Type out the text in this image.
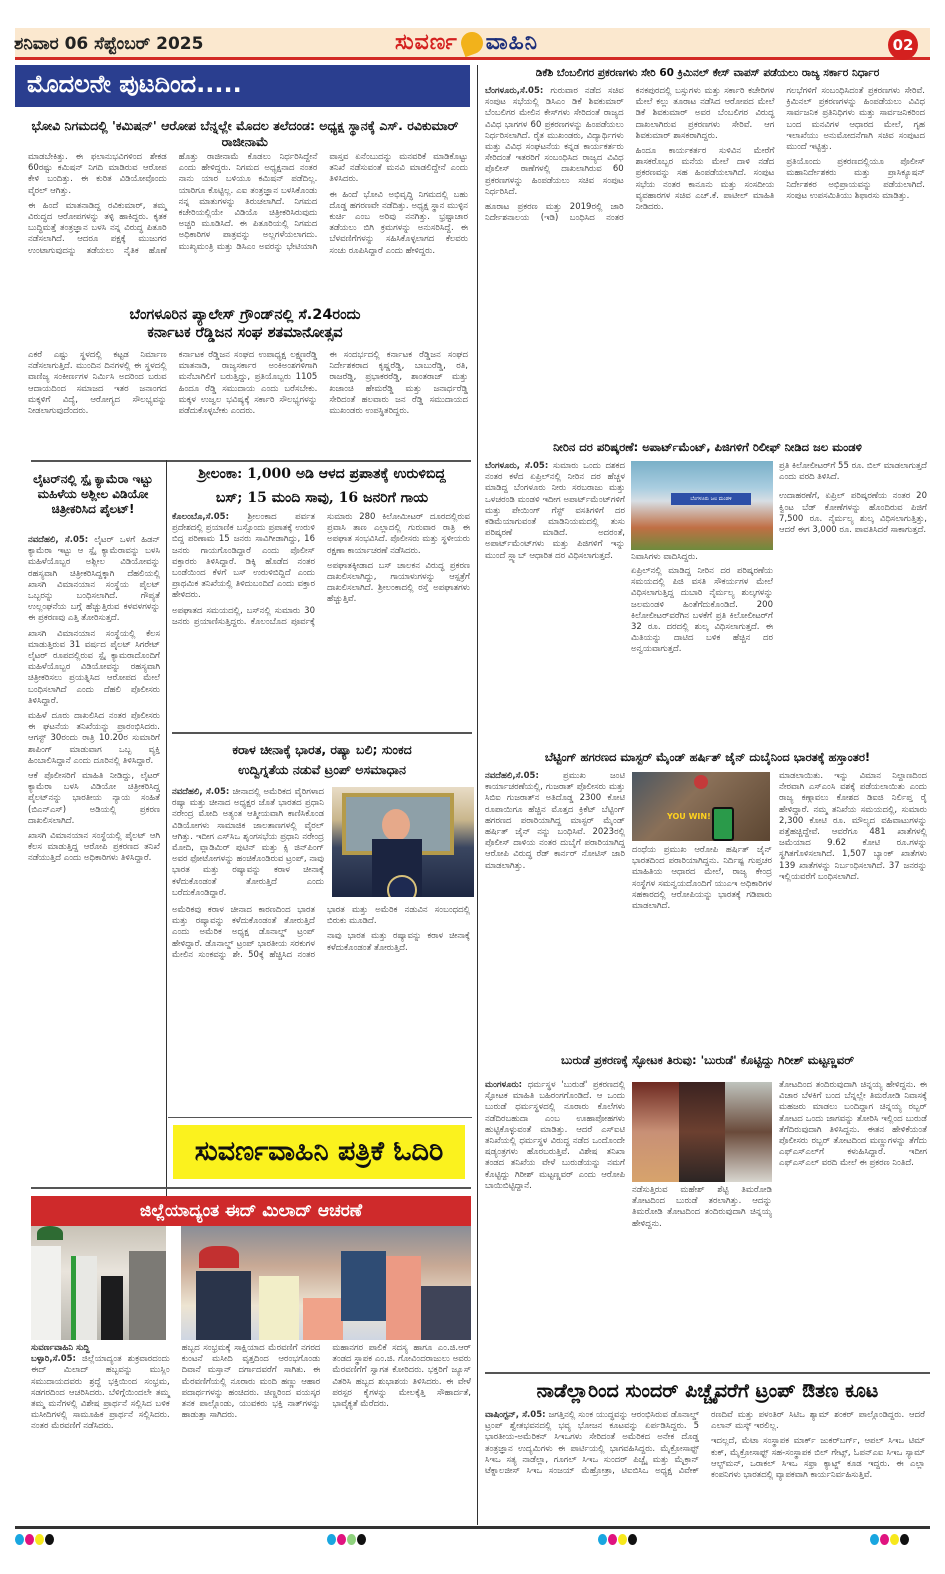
ಶನಿವಾರ 06 ಸೆಪ್ಟೆಂಬರ್ 2025	ಸುವರ್ಣ ವಾಹಿನಿ	02
ಮೊದಲನೇ ಪುಟದಿಂದ.....
ಭೋವಿ ನಿಗಮದಲ್ಲಿ 'ಕಮಿಷನ್' ಆರೋಪ ಬೆನ್ನಲ್ಲೇ ಮೊದಲ ತಲೆದಂಡ: ಅಧ್ಯಕ್ಷ ಸ್ಥಾನಕ್ಕೆ ಎಸ್. ರವಿಕುಮಾರ್ ರಾಜೀನಾಮೆ

ಮಾಡಬೇಕಿತ್ತು. ಈ ಫಲಾನುಭವಿಗಳಿಂದ ಶೇಕಡ 60ರಷ್ಟು ಕಮಿಷನ್ ನಿಗದಿ ಮಾಡಿರುವ ಆರೋಪ ಕೇಳಿ ಬಂದಿತ್ತು. ಈ ಕುರಿತ ವಿಡಿಯೋವೊಂದು ವೈರಲ್ ಆಗಿತ್ತು.

ಈ ಹಿಂದೆ ಮಾತನಾಡಿದ್ದ ರವಿಕುಮಾರ್, ತಮ್ಮ ವಿರುದ್ಧದ ಆರೋಪಗಳನ್ನು ತಳ್ಳಿ ಹಾಕಿದ್ದರು. ಕೃತಕ ಬುದ್ಧಿಮತ್ತೆ ತಂತ್ರಜ್ಞಾನ ಬಳಸಿ ನನ್ನ ವಿರುದ್ಧ ಪಿತೂರಿ ನಡೆಸಲಾಗಿದೆ. ಆದರೂ ಪಕ್ಷಕ್ಕೆ ಮುಜುಗರ ಉಂಟಾಗುವುದನ್ನು ತಡೆಯಲು ನೈತಿಕ ಹೊಣೆ ಹೊತ್ತು ರಾಜೀನಾಮೆ ಕೊಡಲು ನಿರ್ಧರಿಸಿದ್ದೇನೆ ಎಂದು ಹೇಳಿದ್ದರು. ನಿಗಮದ ಅಧ್ಯಕ್ಷನಾದ ನಂತರ ನಾನು ಯಾರ ಬಳಿಯೂ ಕಮಿಷನ್ ಪಡೆದಿಲ್ಲ. ಯಾರಿಗೂ ಕೊಟ್ಟಿಲ್ಲ. ಎಐ ತಂತ್ರಜ್ಞಾನ ಬಳಸಿಕೊಂಡು ನನ್ನ ಮಾತುಗಳನ್ನು ತಿರುಚಲಾಗಿದೆ. ನಿಗಮದ ಕಚೇರಿಯಲ್ಲಿಯೇ ವಿಡಿಯೊ ಚಿತ್ರೀಕರಿಸಿರುವುದು ಅಚ್ಚರಿ ಮೂಡಿಸಿದೆ. ಈ ಪಿತೂರಿಯಲ್ಲಿ ನಿಗಮದ ಅಧಿಕಾರಿಗಳ ಪಾತ್ರವನ್ನು ಅಲ್ಲಗಳೆಯಲಾಗದು. ಮುಖ್ಯಮಂತ್ರಿ ಮತ್ತು ಡಿಸಿಎಂ ಅವರನ್ನು ಭೇಟಿಯಾಗಿ ವಾಸ್ತವ ಏನೆಂಬುದನ್ನು ಮನವರಿಕೆ ಮಾಡಿಕೊಟ್ಟು ತನಿಖೆ ನಡೆಸುವಂತೆ ಮನವಿ ಮಾಡಲಿದ್ದೇನೆ ಎಂದು ತಿಳಿಸಿದರು.

ಈ ಹಿಂದೆ ಭೋವಿ ಅಭಿವೃದ್ಧಿ ನಿಗಮದಲ್ಲಿ ಬಹು ದೊಡ್ಡ ಹಗರಣವೇ ನಡೆದಿತ್ತು. ಅಧ್ಯಕ್ಷ ಸ್ಥಾನ ಮುಳ್ಳಿನ ಕುರ್ಚಿ ಎಂಬ ಅರಿವು ನನಗಿತ್ತು. ಭ್ರಷ್ಟಾಚಾರ ತಡೆಯಲು ಬಿಗಿ ಕ್ರಮಗಳನ್ನು ಅನುಸರಿಸಿದ್ದೆ. ಈ ಬೆಳವಣಿಗೆಗಳನ್ನು ಸಹಿಸಿಕೊಳ್ಳಲಾಗದ ಕೆಲವರು ಸಂಚು ರೂಪಿಸಿದ್ದಾರೆ ಎಂದು ಹೇಳಿದ್ದರು.

ಬೆಂಗಳೂರಿನ ಪ್ಯಾಲೇಸ್ ಗ್ರೌಂಡ್‌ನಲ್ಲಿ ಸೆ.24ರಂದು
ಕರ್ನಾಟಕ ರೆಡ್ಡಿಜನ ಸಂಘ ಶತಮಾನೋತ್ಸವ

ಎಕರೆ ಎಷ್ಟು ಸ್ಥಳದಲ್ಲಿ ಕಟ್ಟಡ ನಿರ್ಮಾಣ ನಡೆಸಲಾಗುತ್ತಿದೆ. ಮುಂದಿನ ದಿನಗಳಲ್ಲಿ ಈ ಸ್ಥಳದಲ್ಲಿ ವಾಣಿಜ್ಯ ಸಂಕೀರ್ಣಗಳ ನಿರ್ಮಿಸಿ ಅದರಿಂದ ಬರುವ ಆದಾಯದಿಂದ ಸಮಾಜದ ಇತರ ಜನಾಂಗದ ಮಕ್ಕಳಿಗೆ ವಿದ್ಯೆ, ಆರೋಗ್ಯದ ಸೌಲಭ್ಯವನ್ನು ನೀಡಲಾಗುವುದೆಂದರು.

ಕರ್ನಾಟಕ ರೆಡ್ಡಿಜನ ಸಂಘದ ಉಪಾಧ್ಯಕ್ಷ ಲಕ್ಷ್ಮಣರೆಡ್ಡಿ ಮಾತನಾಡಿ, ರಾಜ್ಯಸರ್ಕಾರ ಅಂಕಿಅಂಶಗಳಿಗಾಗಿ ಮನೆಬಾಗಿಲಿಗೆ ಬರುತ್ತಿದ್ದು, ಪ್ರತಿಯೊಬ್ಬರು 1105 ಹಿಂದೂ ರೆಡ್ಡಿ ಸಮುದಾಯ ಎಂದು ಬರೆಸಬೇಕು. ಮಕ್ಕಳ ಉಜ್ವಲ ಭವಿಷ್ಯಕ್ಕೆ ಸರ್ಕಾರಿ ಸೌಲಭ್ಯಗಳನ್ನು ಪಡೆದುಕೊಳ್ಳಬೇಕು ಎಂದರು.

ಈ ಸಂದರ್ಭದಲ್ಲಿ ಕರ್ನಾಟಕ ರೆಡ್ಡಿಜನ ಸಂಘದ ನಿರ್ದೇಶಕರಾದ ಕೃಷ್ಣರೆಡ್ಡಿ, ಬಾಬುರೆಡ್ಡಿ, ರತಿ, ರಾಜರೆಡ್ಡಿ, ಪ್ರಭಾಕರರೆಡ್ಡಿ, ಶಾಂತರಾಜ್ ಮತ್ತು ಖಜಾಂಚಿ ಹೇಮರೆಡ್ಡಿ ಮತ್ತು ಜನಾರ್ಧರೆಡ್ಡಿ ಸೇರಿದಂತೆ ಹಲವಾರು ಜನ ರೆಡ್ಡಿ ಸಮುದಾಯದ ಮುಖಂಡರು ಉಪಸ್ಥಿತರಿದ್ದರು.

ಲೈಟರ್‌ನಲ್ಲಿ ಸ್ಪೈ ಕ್ಯಾಮೆರಾ ಇಟ್ಟು ಮಹಿಳೆಯ ಅಶ್ಲೀಲ ವಿಡಿಯೋ ಚಿತ್ರೀಕರಿಸಿದ ಪೈಲಟ್!

ನವದೆಹಲಿ, ಸೆ.05: ಲೈಟರ್ ಒಳಗೆ ಹಿಡನ್ ಕ್ಯಾಮೆರಾ ಇಟ್ಟು ಆ ಸ್ಪೈ ಕ್ಯಾಮೆರಾವನ್ನು ಬಳಸಿ ಮಹಿಳೆಯೊಬ್ಬರ ಅಶ್ಲೀಲ ವಿಡಿಯೋವನ್ನು ರಹಸ್ಯವಾಗಿ ಚಿತ್ರೀಕರಿಸಿದ್ದಕ್ಕಾಗಿ ದೆಹಲಿಯಲ್ಲಿ ಖಾಸಗಿ ವಿಮಾನಯಾನ ಸಂಸ್ಥೆಯ ಪೈಲಟ್ ಒಬ್ಬರನ್ನು ಬಂಧಿಸಲಾಗಿದೆ. ಗೌಪ್ಯತೆ ಉಲ್ಲಂಘನೆಯ ಬಗ್ಗೆ ಹೆಚ್ಚುತ್ತಿರುವ ಕಳವಳಗಳನ್ನು ಈ ಪ್ರಕರಣವು ಎತ್ತಿ ತೋರಿಸುತ್ತದೆ.

ಖಾಸಗಿ ವಿಮಾನಯಾನ ಸಂಸ್ಥೆಯಲ್ಲಿ ಕೆಲಸ ಮಾಡುತ್ತಿರುವ 31 ವರ್ಷದ ಪೈಲಟ್ ಸಿಗರೇಟ್ ಲೈಟರ್ ರೂಪದಲ್ಲಿರುವ ಸ್ಪೈ ಕ್ಯಾಮರಾದೊಂದಿಗೆ ಮಹಿಳೆಯೊಬ್ಬರ ವಿಡಿಯೋವನ್ನು ರಹಸ್ಯವಾಗಿ ಚಿತ್ರೀಕರಿಸಲು ಪ್ರಯತ್ನಿಸಿದ ಆರೋಪದ ಮೇಲೆ ಬಂಧಿಸಲಾಗಿದೆ ಎಂದು ದೆಹಲಿ ಪೊಲೀಸರು ತಿಳಿಸಿದ್ದಾರೆ.

ಮಹಿಳೆ ದೂರು ದಾಖಲಿಸಿದ ನಂತರ ಪೊಲೀಸರು ಈ ಘಟನೆಯ ತನಿಖೆಯನ್ನು ಪ್ರಾರಂಭಿಸಿದರು. ಆಗಸ್ಟ್ 30ರಂದು ರಾತ್ರಿ 10.20ರ ಸುಮಾರಿಗೆ ಶಾಪಿಂಗ್ ಮಾಡುವಾಗ ಒಬ್ಬ ವ್ಯಕ್ತಿ ಹಿಂಬಾಲಿಸಿದ್ದಾನೆ ಎಂದು ದೂರಿನಲ್ಲಿ ತಿಳಿಸಿದ್ದಾರೆ.

ಆಕೆ ಪೊಲೀಸರಿಗೆ ಮಾಹಿತಿ ನೀಡಿದ್ದು, ಲೈಟರ್ ಕ್ಯಾಮೆರಾ ಬಳಸಿ ವಿಡಿಯೋ ಚಿತ್ರೀಕರಿಸಿದ್ದ ಪೈಲಟ್‌ನನ್ನು ಭಾರತೀಯ ನ್ಯಾಯ ಸಂಹಿತೆ (ಬಿಎನ್‌ಎಸ್) ಅಡಿಯಲ್ಲಿ ಪ್ರಕರಣ ದಾಖಲಿಸಲಾಗಿದೆ.

ಖಾಸಗಿ ವಿಮಾನಯಾನ ಸಂಸ್ಥೆಯಲ್ಲಿ ಪೈಲಟ್ ಆಗಿ ಕೆಲಸ ಮಾಡುತ್ತಿದ್ದ ಆರೋಪಿ ಪ್ರಕರಣದ ತನಿಖೆ ನಡೆಯುತ್ತಿದೆ ಎಂದು ಅಧಿಕಾರಿಗಳು ತಿಳಿಸಿದ್ದಾರೆ.

ಶ್ರೀಲಂಕಾ: 1,000 ಅಡಿ ಆಳದ ಪ್ರಪಾತಕ್ಕೆ ಉರುಳಿಬಿದ್ದ
ಬಸ್; 15 ಮಂದಿ ಸಾವು, 16 ಜನರಿಗೆ ಗಾಯ

ಕೊಲಂಬೊ,ಸೆ.05: ಶ್ರೀಲಂಕಾದ ಪರ್ವತ ಪ್ರದೇಶದಲ್ಲಿ ಪ್ರಯಾಣಿಕ ಬಸ್ಸೊಂದು ಪ್ರಪಾತಕ್ಕೆ ಉರುಳಿ ಬಿದ್ದ ಪರಿಣಾಮ 15 ಜನರು ಸಾವಿಗೀಡಾಗಿದ್ದು, 16 ಜನರು ಗಾಯಗೊಂಡಿದ್ದಾರೆ ಎಂದು ಪೊಲೀಸ್ ವಕ್ತಾರರು ತಿಳಿಸಿದ್ದಾರೆ. ಡಿಕ್ಕಿ ಹೊಡೆದ ನಂತರ ಬಂಡೆಯಿಂದ ಕೆಳಗೆ ಬಸ್ ಉರುಳಿಬಿದ್ದಿದೆ ಎಂದು ಪ್ರಾಥಮಿಕ ತನಿಖೆಯಲ್ಲಿ ತಿಳಿದುಬಂದಿದೆ ಎಂದು ವಕ್ತಾರ ಹೇಳಿದರು.

ಅಪಘಾತದ ಸಮಯದಲ್ಲಿ, ಬಸ್‌ನಲ್ಲಿ ಸುಮಾರು 30 ಜನರು ಪ್ರಯಾಣಿಸುತ್ತಿದ್ದರು. ಕೊಲಂಬೊದ ಪೂರ್ವಕ್ಕೆ ಸುಮಾರು 280 ಕಿಲೋಮೀಟರ್ ದೂರದಲ್ಲಿರುವ ಪ್ರವಾಸಿ ತಾಣ ಎಲ್ಲಾದಲ್ಲಿ ಗುರುವಾರ ರಾತ್ರಿ ಈ ಅಪಘಾತ ಸಂಭವಿಸಿದೆ. ಪೊಲೀಸರು ಮತ್ತು ಸ್ಥಳೀಯರು ರಕ್ಷಣಾ ಕಾರ್ಯಾಚರಣೆ ನಡೆಸಿದರು.

ಅಪಘಾತಕ್ಕೀಡಾದ ಬಸ್ ಚಾಲಕನ ವಿರುದ್ಧ ಪ್ರಕರಣ ದಾಖಲಿಸಲಾಗಿದ್ದು, ಗಾಯಾಳುಗಳನ್ನು ಆಸ್ಪತ್ರೆಗೆ ದಾಖಲಿಸಲಾಗಿದೆ. ಶ್ರೀಲಂಕಾದಲ್ಲಿ ರಸ್ತೆ ಅಪಘಾತಗಳು ಹೆಚ್ಚುತ್ತಿವೆ.

ಕರಾಳ ಚೀನಾಕ್ಕೆ ಭಾರತ, ರಷ್ಯಾ ಬಲಿ; ಸುಂಕದ
ಉದ್ವಿಗ್ನತೆಯ ನಡುವೆ ಟ್ರಂಪ್ ಅಸಮಾಧಾನ

ನವದೆಹಲಿ, ಸೆ.05: ಚೀನಾದಲ್ಲಿ ಅಮೆರಿಕದ ವೈರಿಗಳಾದ ರಷ್ಯಾ ಮತ್ತು ಚೀನಾದ ಅಧ್ಯಕ್ಷರ ಜೊತೆ ಭಾರತದ ಪ್ರಧಾನಿ ನರೇಂದ್ರ ಮೋದಿ ಅತ್ಯಂತ ಆತ್ಮೀಯವಾಗಿ ಕಾಣಿಸಿಕೊಂಡ ವಿಡಿಯೋಗಳು ಸಾಮಾಜಿಕ ಜಾಲತಾಣಗಳಲ್ಲಿ ವೈರಲ್ ಆಗಿತ್ತು. ಇದೀಗ ಎಸ್‌ಸಿಒ ಶೃಂಗಸಭೆಯ ಪ್ರಧಾನಿ ನರೇಂದ್ರ ಮೋದಿ, ವ್ಲಾಡಿಮಿರ್ ಪುಟಿನ್ ಮತ್ತು ಕ್ಸಿ ಜಿನ್‌ಪಿಂಗ್ ಅವರ ಫೋಟೋಗಳನ್ನು ಹಂಚಿಕೊಂಡಿರುವ ಟ್ರಂಪ್, ನಾವು ಭಾರತ ಮತ್ತು ರಷ್ಯಾವನ್ನು ಕರಾಳ ಚೀನಾಕ್ಕೆ ಕಳೆದುಕೊಂಡಂತೆ ತೋರುತ್ತಿದೆ ಎಂದು ಬರೆದುಕೊಂಡಿದ್ದಾರೆ.

ಅಮೆರಿಕವು ಕರಾಳ ಚೀನಾದ ಕಾರಣದಿಂದ ಭಾರತ ಮತ್ತು ರಷ್ಯಾವನ್ನು ಕಳೆದುಕೊಂಡಂತೆ ತೋರುತ್ತಿದೆ ಎಂದು ಅಮೆರಿಕ ಅಧ್ಯಕ್ಷ ಡೊನಾಲ್ಡ್ ಟ್ರಂಪ್ ಹೇಳಿದ್ದಾರೆ. ಡೊನಾಲ್ಡ್ ಟ್ರಂಪ್ ಭಾರತೀಯ ಸರಕುಗಳ ಮೇಲಿನ ಸುಂಕವನ್ನು ಶೇ. 50ಕ್ಕೆ ಹೆಚ್ಚಿಸಿದ ನಂತರ ಭಾರತ ಮತ್ತು ಅಮೆರಿಕ ನಡುವಿನ ಸಂಬಂಧದಲ್ಲಿ ಬಿರುಕು ಮೂಡಿದೆ.

ನಾವು ಭಾರತ ಮತ್ತು ರಷ್ಯಾವನ್ನು ಕರಾಳ ಚೀನಾಕ್ಕೆ ಕಳೆದುಕೊಂಡಂತೆ ತೋರುತ್ತಿದೆ.

ಸುವರ್ಣವಾಹಿನಿ ಪತ್ರಿಕೆ ಓದಿರಿ
ಜಿಲ್ಲೆಯಾದ್ಯಂತ ಈದ್ ಮಿಲಾದ್ ಆಚರಣೆ

ಸುವರ್ಣವಾಹಿನಿ ಸುದ್ದಿ
ಬಳ್ಳಾರಿ,ಸೆ.05: ಜಿಲ್ಲೆಯಾದ್ಯಂತ ಶುಕ್ರವಾರದಂದು ಈದ್ ಮಿಲಾದ್ ಹಬ್ಬವನ್ನು ಮುಸ್ಲಿಂ ಸಮುದಾಯದವರು ಶ್ರದ್ಧೆ ಭಕ್ತಿಯಿಂದ ಸಂಭ್ರಮ, ಸಡಗರದಿಂದ ಆಚರಿಸಿದರು. ಬೆಳಿಗ್ಗೆಯಿಂದಲೇ ತಮ್ಮ ತಮ್ಮ ಮನೆಗಳಲ್ಲಿ ವಿಶೇಷ ಪ್ರಾರ್ಥನೆ ಸಲ್ಲಿಸಿದ ಬಳಿಕ ಮಸೀದಿಗಳಲ್ಲಿ ಸಾಮೂಹಿಕ ಪ್ರಾರ್ಥನೆ ಸಲ್ಲಿಸಿದರು. ನಂತರ ಮೆರವಣಿಗೆ ನಡೆಸಿದರು.

ಹಬ್ಬದ ಸಂಭ್ರಮಕ್ಕೆ ಸಾಕ್ಷಿಯಾದ ಮೆರವಣಿಗೆ ನಗರದ ಕುಂಟನೆ ಮಸೀದಿ ವೃತ್ತದಿಂದ ಆರಂಭಗೊಂಡು ದಿವಾನೆ ಮಸ್ತಾನ್ ದರ್ಗಾದವರೆಗೆ ಸಾಗಿತು. ಈ ಮೆರವಣಿಗೆಯಲ್ಲಿ ನೂರಾರು ಮಂದಿ ಹಣ್ಣು ಆಹಾರ ಪದಾರ್ಥಗಳನ್ನು ಹಂಚಿದರು. ಚಿಣ್ಣರಿಂದ ವಯಸ್ಕರ ತನಕ ಪಾಲ್ಗೊಂಡು, ಯುವಕರು ಭಕ್ತಿ ನಾತ್‌ಗಳನ್ನು ಹಾಡುತ್ತಾ ಸಾಗಿದರು.

ಮಹಾನಗರ ಪಾಲಿಕೆ ಸದಸ್ಯ ಹಾಗೂ ಎಂ.ಜಿ.ಆರ್ ತಂಡದ ಸ್ಥಾಪಕ ಎಂ.ಜಿ. ಗೋವಿಂದರಾಜುಲು ಅವರು ಮೆರವಣಿಗೆಗೆ ಸ್ವಾಗತ ಕೋರಿದರು. ಭಕ್ತರಿಗೆ ಜ್ಯೂಸ್ ವಿತರಿಸಿ ಹಬ್ಬದ ಶುಭಾಶಯ ತಿಳಿಸಿದರು. ಈ ವೇಳೆ ಪರಸ್ಪರ ಕೈಗಳನ್ನು ಮೇಲಕ್ಕೆತ್ತಿ ಸೌಹಾರ್ದತೆ, ಭಾವೈಕ್ಯತೆ ಮೆರೆದರು.

ಡಿಕೆಶಿ ಬೆಂಬಲಿಗರ ಪ್ರಕರಣಗಳು ಸೇರಿ 60 ಕ್ರಿಮಿನಲ್ ಕೇಸ್ ವಾಪಸ್ ಪಡೆಯಲು ರಾಜ್ಯ ಸರ್ಕಾರ ನಿರ್ಧಾರ

ಬೆಂಗಳೂರು,ಸೆ.05: ಗುರುವಾರ ನಡೆದ ಸಚಿವ ಸಂಪುಟ ಸಭೆಯಲ್ಲಿ ಡಿಸಿಎಂ ಡಿಕೆ ಶಿವಕುಮಾರ್ ಬೆಂಬಲಿಗರ ಮೇಲಿನ ಕೇಸ್‌ಗಳು ಸೇರಿದಂತೆ ರಾಜ್ಯದ ವಿವಿಧ ಭಾಗಗಳ 60 ಪ್ರಕರಣಗಳನ್ನು ಹಿಂಪಡೆಯಲು ನಿರ್ಧರಿಸಲಾಗಿದೆ. ರೈತ ಮುಖಂಡರು, ವಿದ್ಯಾರ್ಥಿಗಳು ಮತ್ತು ವಿವಿಧ ಸಂಘಟನೆಯ ಕನ್ನಡ ಕಾರ್ಯಕರ್ತರು ಸೇರಿದಂತೆ ಇತರರಿಗೆ ಸಂಬಂಧಿಸಿದ ರಾಜ್ಯದ ವಿವಿಧ ಪೊಲೀಸ್ ಠಾಣೆಗಳಲ್ಲಿ ದಾಖಲಾಗಿರುವ 60 ಪ್ರಕರಣಗಳನ್ನು ಹಿಂಪಡೆಯಲು ಸಚಿವ ಸಂಪುಟ ನಿರ್ಧರಿಸಿದೆ.

ಹೂರಾಟ ಪ್ರಕರಣ ಮತ್ತು 2019ರಲ್ಲಿ ಜಾರಿ ನಿರ್ದೇಶನಾಲಯ (ಇಡಿ) ಬಂಧಿಸಿದ ನಂತರ ಕನಕಪುರದಲ್ಲಿ ಬಸ್ಸುಗಳು ಮತ್ತು ಸರ್ಕಾರಿ ಕಚೇರಿಗಳ ಮೇಲೆ ಕಲ್ಲು ತೂರಾಟ ನಡೆಸಿದ ಆರೋಪದ ಮೇಲೆ ಡಿಕೆ ಶಿವಕುಮಾರ್ ಅವರ ಬೆಂಬಲಿಗರ ವಿರುದ್ಧ ದಾಖಲಾಗಿರುವ ಪ್ರಕರಣಗಳು ಸೇರಿವೆ. ಆಗ ಶಿವಕುಮಾರ್ ಶಾಸಕರಾಗಿದ್ದರು.

ಹಿಂದೂ ಕಾರ್ಯಕರ್ತರ ಸುಳಿವಿನ ಮೇರೆಗೆ ಶಾಸಕರೊಬ್ಬರ ಮನೆಯ ಮೇಲೆ ದಾಳಿ ನಡೆದ ಪ್ರಕರಣವನ್ನು ಸಹ ಹಿಂಪಡೆಯಲಾಗಿದೆ. ಸಂಪುಟ ಸಭೆಯ ನಂತರ ಕಾನೂನು ಮತ್ತು ಸಂಸದೀಯ ವ್ಯವಹಾರಗಳ ಸಚಿವ ಎಚ್.ಕೆ. ಪಾಟೀಲ್ ಮಾಹಿತಿ ನೀಡಿದರು.

ಗಲಭೆಗಳಿಗೆ ಸಂಬಂಧಿಸಿದಂತೆ ಪ್ರಕರಣಗಳು ಸೇರಿವೆ. ಕ್ರಿಮಿನಲ್ ಪ್ರಕರಣಗಳನ್ನು ಹಿಂಪಡೆಯಲು ವಿವಿಧ ಸಾರ್ವಜನಿಕ ಪ್ರತಿನಿಧಿಗಳು ಮತ್ತು ಸಾರ್ವಜನಿಕರಿಂದ ಬಂದ ಮನವಿಗಳ ಆಧಾರದ ಮೇಲೆ, ಗೃಹ ಇಲಾಖೆಯು ಅನುಮೋದನೆಗಾಗಿ ಸಚಿವ ಸಂಪುಟದ ಮುಂದೆ ಇಟ್ಟಿತ್ತು.

ಪ್ರತಿಯೊಂದು ಪ್ರಕರಣದಲ್ಲಿಯೂ ಪೊಲೀಸ್ ಮಹಾನಿರ್ದೇಶಕರು ಮತ್ತು ಪ್ರಾಸಿಕ್ಯೂಷನ್ ನಿರ್ದೇಶಕರ ಅಭಿಪ್ರಾಯವನ್ನು ಪಡೆಯಲಾಗಿದೆ. ಸಂಪುಟ ಉಪಸಮಿತಿಯು ಶಿಫಾರಸು ಮಾಡಿತ್ತು.

ನೀರಿನ ದರ ಪರಿಷ್ಕರಣೆ: ಅಪಾರ್ಟ್‌ಮೆಂಟ್, ಪಿಜಿಗಳಿಗೆ ರಿಲೀಫ್ ನೀಡಿದ ಜಲ ಮಂಡಳಿ

ಬೆಂಗಳೂರು, ಸೆ.05: ಸುಮಾರು ಒಂದು ದಶಕದ ನಂತರ ಕಳೆದ ಏಪ್ರಿಲ್‌ನಲ್ಲಿ ನೀರಿನ ದರ ಹೆಚ್ಚಳ ಮಾಡಿದ್ದ ಬೆಂಗಳೂರು ನೀರು ಸರಬರಾಜು ಮತ್ತು ಒಳಚರಂಡಿ ಮಂಡಳಿ ಇದೀಗ ಅಪಾರ್ಟ್‌ಮೆಂಟ್‌ಗಳಿಗೆ ಮತ್ತು ಪೇಯಿಂಗ್ ಗೆಸ್ಟ್ ವಸತಿಗಳಿಗೆ ದರ ಕಡಿಮೆಯಾಗುವಂತೆ ಮಾಡಿನಿಯಮದಲ್ಲಿ ತುಸು ಪರಿಷ್ಕರಣೆ ಮಾಡಿದೆ. ಅದರಂತೆ, ಅಪಾರ್ಟ್‌ಮೆಂಟ್‌ಗಳು ಮತ್ತು ಪಿಜಿಗಳಿಗೆ ಇನ್ನು ಮುಂದೆ ಸ್ಲ್ಯಾಬ್ ಆಧಾರಿತ ದರ ವಿಧಿಸಲಾಗುತ್ತದೆ.

ಬೆಂಗಳೂರು ಜಲ ಮಂಡಳಿ

ನಿವಾಸಿಗಳು ವಾದಿಸಿದ್ದರು.

ಏಪ್ರಿಲ್‌ನಲ್ಲಿ ಮಾಡಿದ್ದ ನೀರಿನ ದರ ಪರಿಷ್ಕರಣೆಯ ಸಮಯದಲ್ಲಿ ಪಿಜಿ ವಸತಿ ಸೌಕರ್ಯಗಳ ಮೇಲೆ ವಿಧಿಸಲಾಗುತ್ತಿದ್ದ ದುಬಾರಿ ನೈರ್ಮಲ್ಯ ಶುಲ್ಕಗಳನ್ನು ಜಲಮಂಡಳಿ ಹಿಂತೆಗೆದುಕೊಂಡಿದೆ. 200 ಕಿಲೋಲೀಟರ್‌ವರೆಗಿನ ಬಳಕೆಗೆ ಪ್ರತಿ ಕಿಲೋಲೀಟರ್‌ಗೆ 32 ರೂ. ದರದಲ್ಲಿ ಶುಲ್ಕ ವಿಧಿಸಲಾಗುತ್ತದೆ. ಈ ಮಿತಿಯನ್ನು ದಾಟಿದ ಬಳಿಕ ಹೆಚ್ಚಿನ ದರ ಅನ್ವಯವಾಗುತ್ತದೆ.

ಪ್ರತಿ ಕಿಲೋಲೀಟರ್‌ಗೆ 55 ರೂ. ಬಿಲ್ ಮಾಡಲಾಗುತ್ತದೆ ಎಂದು ವರದಿ ತಿಳಿಸಿದೆ.

ಉದಾಹರಣೆಗೆ, ಏಪ್ರಿಲ್ ಪರಿಷ್ಕರಣೆಯ ನಂತರ 20 ಕ್ವಿಂಟ ಬೆಡ್ ಕೋಣೆಗಳನ್ನು ಹೊಂದಿರುವ ಪಿಜಿಗೆ 7,500 ರೂ. ನೈರ್ಮಲ್ಯ ಶುಲ್ಕ ವಿಧಿಸಲಾಗುತ್ತಿತ್ತು, ಆದರೆ ಈಗ 3,000 ರೂ. ಪಾವತಿಸಿದರೆ ಸಾಕಾಗುತ್ತದೆ.

ಬೆಟ್ಟಿಂಗ್ ಹಗರಣದ ಮಾಸ್ಟರ್ ಮೈಂಡ್ ಹರ್ಷಿತ್ ಜೈನ್ ದುಬೈನಿಂದ ಭಾರತಕ್ಕೆ ಹಸ್ತಾಂತರ!

ನವದೆಹಲಿ,ಸೆ.05:	ಪ್ರಮುಖ ಜಂಟಿ ಕಾರ್ಯಾಚರಣೆಯಲ್ಲಿ, ಗುಜರಾತ್ ಪೊಲೀಸರು ಮತ್ತು ಸಿಬಿಐ ಗುಜರಾತ್‌ನ ಅತಿದೊಡ್ಡ 2300 ಕೋಟಿ ರೂಪಾಯಿಗೂ ಹೆಚ್ಚಿನ ಮೊತ್ತದ ಕ್ರಿಕೆಟ್ ಬೆಟ್ಟಿಂಗ್ ಹಗರಣದ ಪರಾರಿಯಾಗಿದ್ದ ಮಾಸ್ಟರ್ ಮೈಂಡ್ ಹರ್ಷಿತ್ ಜೈನ್ ನನ್ನು ಬಂಧಿಸಿವೆ. 2023ರಲ್ಲಿ ಪೊಲೀಸ್ ದಾಳಿಯ ನಂತರ ದುಬೈಗೆ ಪರಾರಿಯಾಗಿದ್ದ ಆರೋಪಿ ವಿರುದ್ಧ ರೆಡ್ ಕಾರ್ನರ್ ನೋಟಿಸ್ ಜಾರಿ ಮಾಡಲಾಗಿತ್ತು.

YOU WIN!

ದಂಧೆಯ ಪ್ರಮುಖ ಆರೋಪಿ ಹರ್ಷಿತ್ ಜೈನ್ ಭಾರತದಿಂದ ಪರಾರಿಯಾಗಿದ್ದನು. ನಿರ್ದಿಷ್ಟ ಗುಪ್ತಚರ ಮಾಹಿತಿಯ ಆಧಾರದ ಮೇಲೆ, ರಾಜ್ಯ ಕೇಂದ್ರ ಸಂಸ್ಥೆಗಳ ಸಮನ್ವಯದೊಂದಿಗೆ ಯುಎಇ ಅಧಿಕಾರಿಗಳ ಸಹಕಾರದಲ್ಲಿ ಆರೋಪಿಯನ್ನು ಭಾರತಕ್ಕೆ ಗಡಿಪಾರು ಮಾಡಲಾಗಿದೆ.

ಮಾಡಲಾಯಿತು. ಇನ್ನು ವಿಮಾನ ನಿಲ್ದಾಣದಿಂದ ನೇರವಾಗಿ ಎಸ್‌ಎಂಸಿ ವಶಕ್ಕೆ ಪಡೆಯಲಾಯಿತು ಎಂದು ರಾಜ್ಯ ಕಣ್ಗಾವಲು ಕೋಶದ ಡಿಐಜಿ ನಿರ್ಲಿಪ್ತ ರೈ ಹೇಳಿದ್ದಾರೆ. ನಮ್ಮ ತನಿಖೆಯ ಸಮಯದಲ್ಲಿ, ಸುಮಾರು 2,300 ಕೋಟಿ ರೂ. ಮೌಲ್ಯದ ವಹಿವಾಟುಗಳನ್ನು ಪತ್ತೆಹಚ್ಚಿದ್ದೇವೆ. ಆವರೆಗೂ 481 ಖಾತೆಗಳಲ್ಲಿ ಜಮೆಯಾದ 9.62 ಕೋಟಿ ರೂ.ಗಳನ್ನು ಸ್ಥಗಿತಗೊಳಿಸಲಾಗಿದೆ. 1,507 ಬ್ಯಾಂಕ್ ಖಾತೆಗಳು 139 ಖಾತೆಗಳನ್ನು ನಿರ್ಬಂಧಿಸಲಾಗಿದೆ. 37 ಜನರನ್ನು ಇಲ್ಲಿಯವರೆಗೆ ಬಂಧಿಸಲಾಗಿದೆ.

ಬುರುಡೆ ಪ್ರಕರಣಕ್ಕೆ ಸ್ಫೋಟಕ ತಿರುವು: 'ಬುರುಡೆ' ಕೊಟ್ಟಿದ್ದು ಗಿರೀಶ್ ಮಟ್ಟಣ್ಣವರ್

ಮಂಗಳೂರು: ಧರ್ಮಸ್ಥಳ 'ಬುರುಡೆ' ಪ್ರಕರಣದಲ್ಲಿ ಸ್ಫೋಟಕ ಮಾಹಿತಿ ಬಹಿರಂಗಗೊಂಡಿದೆ. ಆ ಒಂದು ಬುರುಡೆ ಧರ್ಮಸ್ಥಳದಲ್ಲಿ ನೂರಾರು ಕೊಲೆಗಳು ನಡೆದಿರಬಹುದಾ ಎಂಬ ಊಹಾಪೋಹಗಳು ಹುಟ್ಟಿಕೊಳ್ಳುವಂತೆ ಮಾಡಿತ್ತು. ಆದರೆ ಎಸ್‌ಐಟಿ ತನಿಖೆಯಲ್ಲಿ ಧರ್ಮಸ್ಥಳ ವಿರುದ್ಧ ನಡೆದ ಒಂದೊಂದೇ ಷಡ್ಯಂತ್ರಗಳು ಹೊರಬರುತ್ತಿವೆ. ವಿಶೇಷ ತನಿಖಾ ತಂಡದ ತನಿಖೆಯ ವೇಳೆ ಬುರುಡೆಯನ್ನು ನಮಗೆ ಕೊಟ್ಟಿದ್ದು ಗಿರೀಶ್ ಮಟ್ಟಣ್ಣವರ್ ಎಂದು ಆರೋಪಿ ಬಾಯಿಬಿಟ್ಟಿದ್ದಾನೆ.	ನಡೆಸುತ್ತಿರುವ ಮಹೇಶ್ ಶೆಟ್ಟಿ ತಿಮರೋಡಿ ತೋಟದಿಂದ ಬುರುಡೆ ತರಲಾಗಿತ್ತು. ಆದನ್ನು ತಿಮರೋಡಿ ತೋಟದಿಂದ ತಂದಿರುವುದಾಗಿ ಚಿನ್ನಯ್ಯ ಹೇಳಿದ್ದನು.

ತೋಟದಿಂದ ತಂದಿರುವುದಾಗಿ ಚಿನ್ನಯ್ಯ ಹೇಳಿದ್ದನು. ಈ ವಿಚಾರ ಬೆಳಕಿಗೆ ಬಂದ ಬೆನ್ನಲ್ಲೇ ತಿಮರೋಡಿ ನಿವಾಸಕ್ಕೆ ಮಹಜರು ಮಾಡಲು ಬಂದಿದ್ದಾಗ ಚಿನ್ನಯ್ಯ ರಬ್ಬರ್ ತೋಟದ ಒಂದು ಜಾಗವನ್ನು ತೋರಿಸಿ ಇಲ್ಲಿಂದ ಬುರುಡೆ ತೆಗೆದಿರುವುದಾಗಿ ತಿಳಿಸಿದ್ದನು. ಈತನ ಹೇಳಿಕೆಯಂತೆ ಪೊಲೀಸರು ರಬ್ಬರ್ ತೋಟದಿಂದ ಮಣ್ಣುಗಳನ್ನು ತೆಗೆದು ಎಫ್‌ಎಸ್‌ಎಲ್‌ಗೆ ಕಳುಹಿಸಿದ್ದಾರೆ. ಇದೀಗ ಎಫ್‌ಎಸ್‌ಎಲ್ ವರದಿ ಮೇಲೆ ಈ ಪ್ರಕರಣ ನಿಂತಿದೆ.

ನಾಡೆಲ್ಲಾರಿಂದ ಸುಂದರ್ ಪಿಚ್ಚೈವರೆಗೆ ಟ್ರಂಪ್ ಔತಣ ಕೂಟ

ವಾಷಿಂಗ್ಟನ್, ಸೆ.05: ಜಗತ್ತಿನಲ್ಲಿ ಸುಂಕ ಯುದ್ಧವನ್ನು ಆರಂಭಿಸಿರುವ ಡೊನಾಲ್ಡ್ ಟ್ರಂಪ್ ಶ್ವೇತಭವನದಲ್ಲಿ ಭವ್ಯ ಭೋಜನ ಕೂಟವನ್ನು ಏರ್ಪಡಿಸಿದ್ದರು. 5 ಭಾರತೀಯ-ಅಮೆರಿಕನ್ ಸಿಇಒಗಳು ಸೇರಿದಂತೆ ಅಮೆರಿಕದ ಅನೇಕ ದೊಡ್ಡ ತಂತ್ರಜ್ಞಾನ ಉದ್ಯಮಿಗಳು ಈ ಪಾರ್ಟಿಯಲ್ಲಿ ಭಾಗವಹಿಸಿದ್ದರು. ಮೈಕ್ರೋಸಾಫ್ಟ್ ಸಿಇಒ ಸತ್ಯ ನಾಡೆಲ್ಲಾ, ಗೂಗಲ್ ಸಿಇಒ ಸುಂದರ್ ಪಿಚ್ಚೈ ಮತ್ತು ಮೈಕ್ರಾನ್ ಟೆಕ್ನಾಲಜೀಸ್ ಸಿಇಒ ಸಂಜಯ್ ಮೆಹ್ರೋತ್ರಾ, ಟಿಐಬಿಸಿಒ ಅಧ್ಯಕ್ಷ ವಿವೇಕ್ ರಣದಿವೆ ಮತ್ತು ಪಳಂತಿರ್ ಸಿಟಿಒ ಶ್ಯಾಮ್ ಶಂಕರ್ ಪಾಲ್ಗೊಂಡಿದ್ದರು. ಆದರೆ ಎಲಾನ್ ಮಸ್ಕ್ ಇರಲಿಲ್ಲ.

ಇದಲ್ಲದೆ, ಮೆಟಾ ಸಂಸ್ಥಾಪಕ ಮಾರ್ಕ್ ಜುಕರ್‌ಬರ್ಗ್, ಆಪಲ್ ಸಿಇಒ ಟಿಮ್ ಕುಕ್, ಮೈಕ್ರೋಸಾಫ್ಟ್ ಸಹ-ಸಂಸ್ಥಾಪಕ ಬಿಲ್ ಗೇಟ್ಸ್, ಓಪನ್‌ಎಐ ಸಿಇಒ ಸ್ಯಾಮ್ ಆಲ್ಟ್‌ಮನ್, ಒರಾಕಲ್ ಸಿಇಒ ಸಫ್ರಾ ಕ್ಯಾಟ್ಜ್ ಕೂಡ ಇದ್ದರು. ಈ ಎಲ್ಲಾ ಕಂಪನಿಗಳು ಭಾರತದಲ್ಲಿ ವ್ಯಾಪಕವಾಗಿ ಕಾರ್ಯನಿರ್ವಹಿಸುತ್ತಿವೆ.
